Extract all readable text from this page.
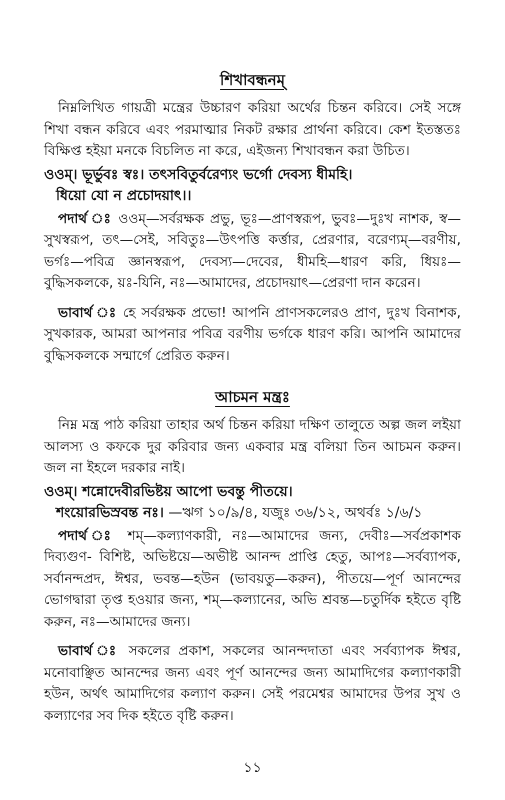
শিখাবন্ধনম্

নিম্নলিখিত গায়ত্রী মন্ত্রের উচ্চারণ করিয়া অর্থের চিন্তন করিবে। সেই সঙ্গে শিখা বন্ধন করিবে এবং পরমাত্মার নিকট রক্ষার প্রার্থনা করিবে। কেশ ইতস্ততঃ বিক্ষিপ্ত হইয়া মনকে বিচলিত না করে, এইজন্য শিখাবন্ধন করা উচিত।

ওওম্। ভূর্ভুবঃ স্বঃ। তৎসবিতুর্বরেণ্যং ভর্গো দেবস্য ধীমহি।
ধিয়ো যো ন প্রচোদয়াৎ।।

পদার্থ ঃ ওওম্—সর্বরক্ষক প্রভু, ভূঃ—প্রাণস্বরূপ, ভুবঃ—দুঃখ নাশক, স্ব—সুখস্বরূপ, তৎ—সেই, সবিতুঃ—উৎপত্তি কর্ত্তার, প্রেরণার, বরেণ্যম্—বরণীয়, ভর্গঃ—পবিত্র জ্ঞানস্বরূপ, দেবস্য—দেবের, ধীমহি—ধারণ করি, ধিয়ঃ—বুদ্ধিসকলকে, য়ঃ-যিনি, নঃ—আমাদের, প্রচোদয়াৎ—প্রেরণা দান করেন।

ভাবার্থ ঃ হে সর্বরক্ষক প্রভো! আপনি প্রাণসকলেরও প্রাণ, দুঃখ বিনাশক, সুখকারক, আমরা আপনার পবিত্র বরণীয় ভর্গকে ধারণ করি। আপনি আমাদের বুদ্ধিসকলকে সন্মার্গে প্রেরিত করুন।

আচমন মন্ত্রঃ

নিম্ন মন্ত্র পাঠ করিয়া তাহার অর্থ চিন্তন করিয়া দক্ষিণ তালুতে অল্প জল লইয়া আলস্য ও কফকে দুর করিবার জন্য একবার মন্ত্র বলিয়া তিন আচমন করুন। জল না ইহলে দরকার নাই।

ওওম্। শন্নোদেবীরভিষ্টয় আপো ভবন্তু পীতয়ে।
শংয়োরভিস্রবন্ত নঃ। —ঋগ ১০/৯/৪, যজুঃ ৩৬/১২, অথর্বঃ ১/৬/১

পদার্থ ঃ শম্—কল্যাণকারী, নঃ—আমাদের জন্য, দেবীঃ—সর্বপ্রকাশক দিব্যগুণ- বিশিষ্ট, অভিষ্টয়ে—অভীষ্ট আনন্দ প্রাপ্তি হেতু, আপঃ—সর্বব্যাপক, সর্বানন্দপ্রদ, ঈশ্বর, ভবন্ত—হউন (ভাবয়তু—করুন), পীতয়ে—পূর্ণ আনন্দের ভোগদ্বারা তৃপ্ত হওয়ার জন্য, শম্—কল্যানের, অভি শ্রবন্ত—চতুর্দিক হইতে বৃষ্টি করুন, নঃ—আমাদের জন্য।

ভাবার্থ ঃ সকলের প্রকাশ, সকলের আনন্দদাতা এবং সর্বব্যাপক ঈশ্বর, মনোবাঞ্ছিত আনন্দের জন্য এবং পূর্ণ আনন্দের জন্য আমাদিগের কল্যাণকারী হউন, অর্থৎ আমাদিগের কল্যাণ করুন। সেই পরমেশ্বর আমাদের উপর সুখ ও কল্যাণের সব দিক হইতে বৃষ্টি করুন।

১১
